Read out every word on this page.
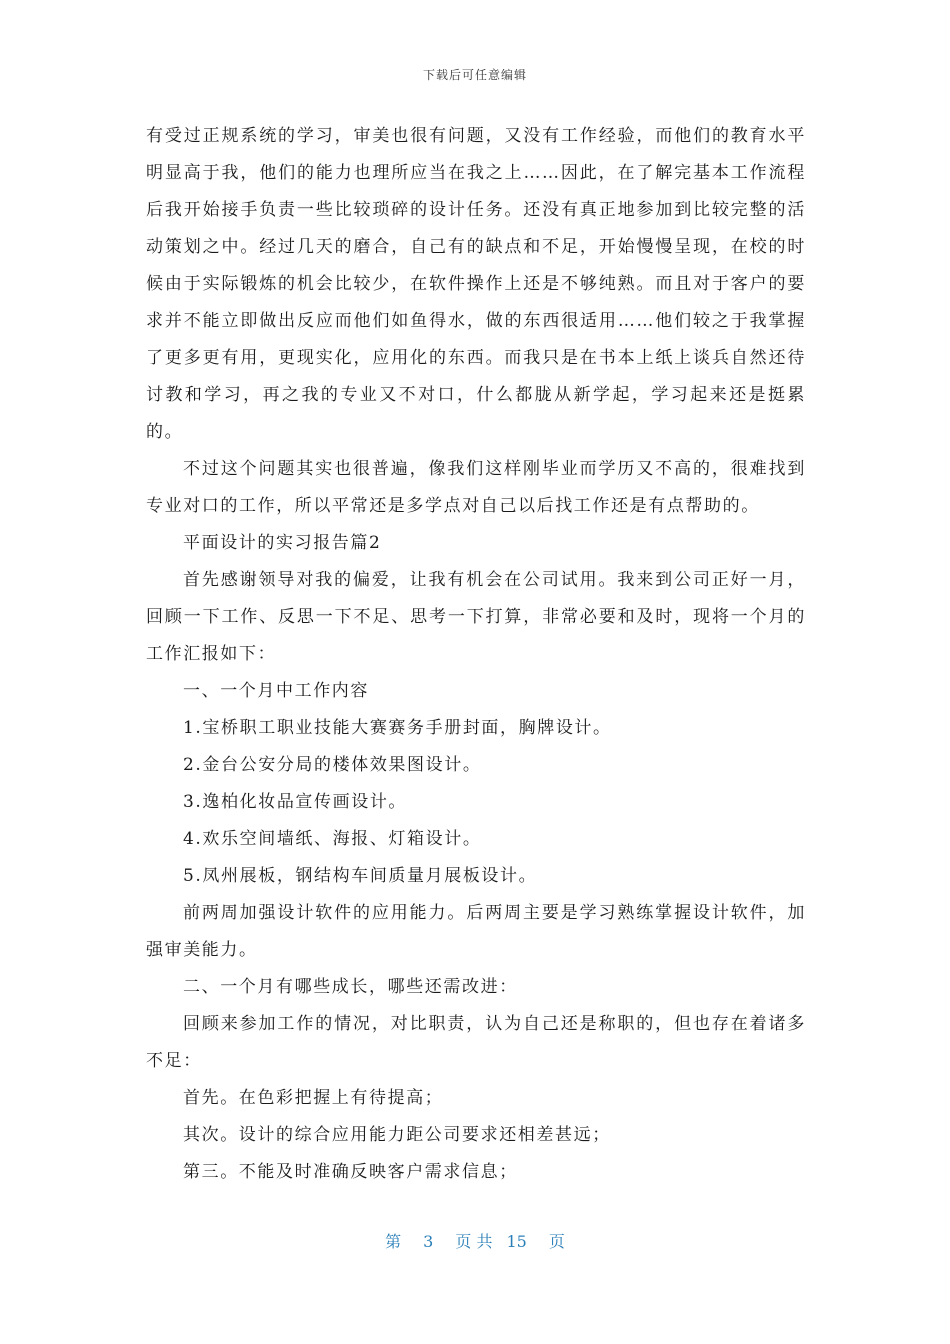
下载后可任意编辑

有受过正规系统的学习，审美也很有问题，又没有工作经验，而他们的教育水平明显高于我，他们的能力也理所应当在我之上……因此，在了解完基本工作流程后我开始接手负责一些比较琐碎的设计任务。还没有真正地参加到比较完整的活动策划之中。经过几天的磨合，自己有的缺点和不足，开始慢慢呈现，在校的时候由于实际锻炼的机会比较少，在软件操作上还是不够纯熟。而且对于客户的要求并不能立即做出反应而他们如鱼得水，做的东西很适用……他们较之于我掌握了更多更有用，更现实化，应用化的东西。而我只是在书本上纸上谈兵自然还待讨教和学习，再之我的专业又不对口，什么都胧从新学起，学习起来还是挺累的。

不过这个问题其实也很普遍，像我们这样刚毕业而学历又不高的，很难找到专业对口的工作，所以平常还是多学点对自己以后找工作还是有点帮助的。

平面设计的实习报告篇2

首先感谢领导对我的偏爱，让我有机会在公司试用。我来到公司正好一月，回顾一下工作、反思一下不足、思考一下打算，非常必要和及时，现将一个月的工作汇报如下：

一、一个月中工作内容

1.宝桥职工职业技能大赛赛务手册封面，胸牌设计。

2.金台公安分局的楼体效果图设计。

3.逸柏化妆品宣传画设计。

4.欢乐空间墙纸、海报、灯箱设计。

5.凤州展板，钢结构车间质量月展板设计。

前两周加强设计软件的应用能力。后两周主要是学习熟练掌握设计软件，加强审美能力。

二、一个月有哪些成长，哪些还需改进：

回顾来参加工作的情况，对比职责，认为自己还是称职的，但也存在着诸多不足：

首先。在色彩把握上有待提高；

其次。设计的综合应用能力距公司要求还相差甚远；

第三。不能及时准确反映客户需求信息；

第 3 页 共 15 页
